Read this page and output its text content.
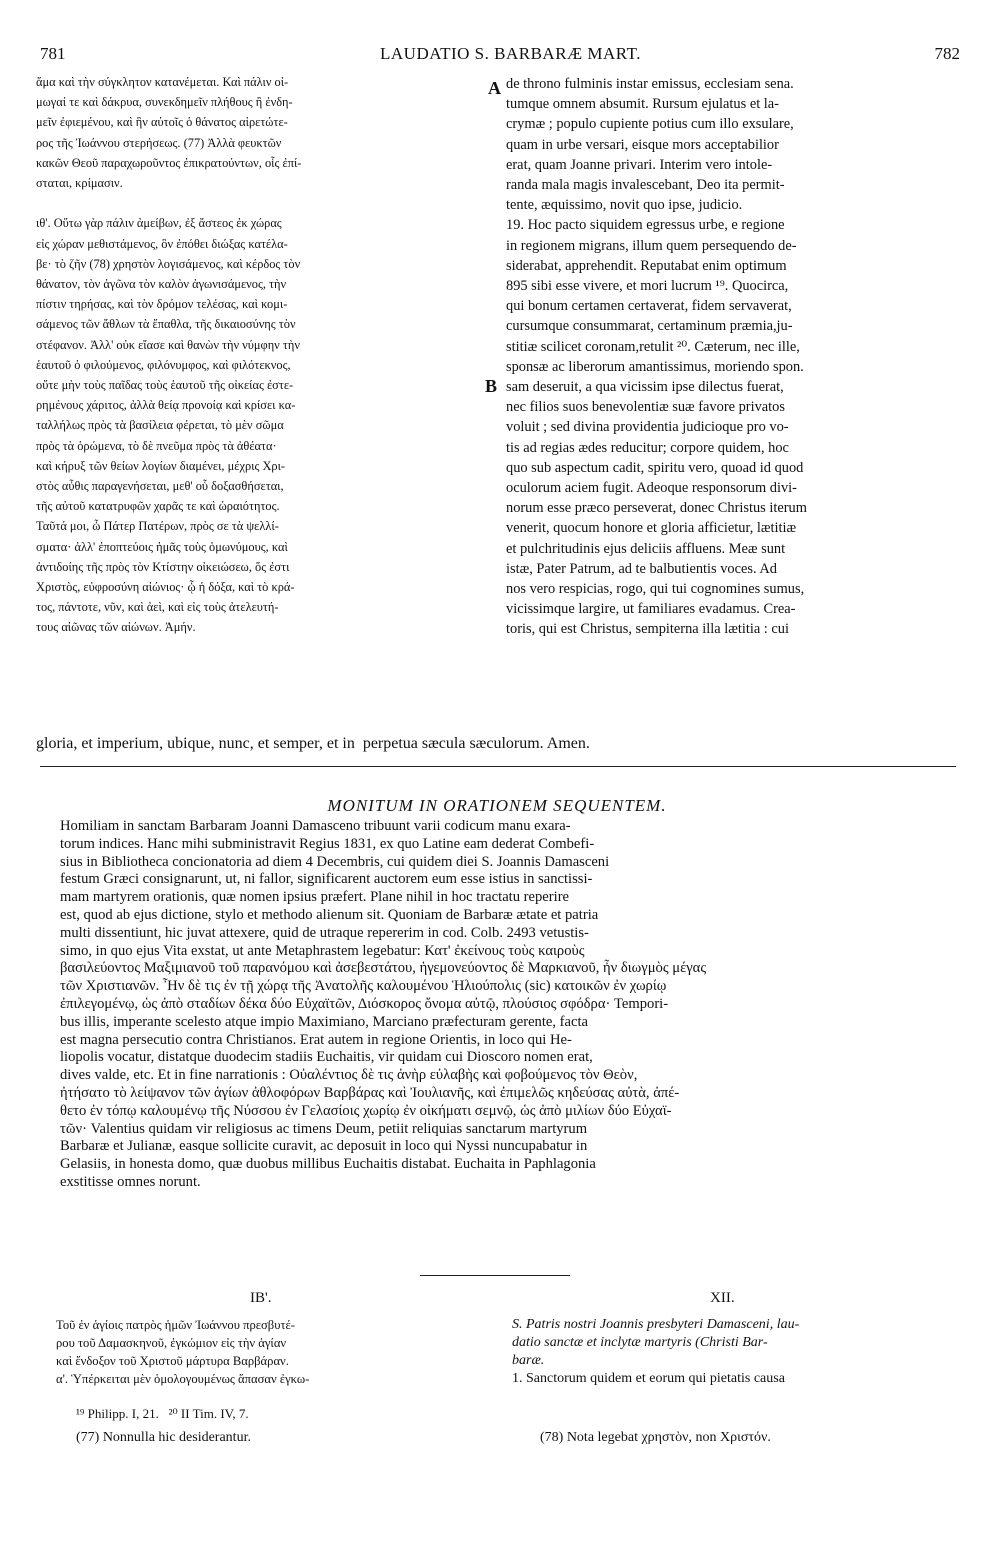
781	LAUDATIO S. BARBARÆ MART.	782
ἅμα καὶ τὴν σύγκλητον κατανέμεται. Καὶ πάλιν οἰ-
μωγαί τε καὶ δάκρυα, συνεκδημεῖν πλήθους ἢ ἐνδη-
μεῖν ἐφιεμένου, καὶ ἣν αὐτοῖς ὁ θάνατος αἱρετώτε-
ρος τῆς Ἰωάννου στερήσεως. (77) Ἀλλὰ φευκτῶν
κακῶν Θεοῦ παραχωροῦντος ἐπικρατούντων, οἷς ἐπί-
σταται, κρίμασιν.

ιθ'. Οὕτω γὰρ πάλιν ἀμείβων, ἐξ ἄστεος ἐκ χώρας
εἰς χώραν μεθιστάμενος, ὃν ἐπόθει διώξας κατέλα-
βε· τὸ ζῆν (78) χρηστὸν λογισάμενος, καὶ κέρδος τὸν
θάνατον, τὸν ἀγῶνα τὸν καλὸν ἀγωνισάμενος, τὴν
πίστιν τηρήσας, καὶ τὸν δρόμον τελέσας, καὶ κομι-
σάμενος τῶν ἄθλων τὰ ἔπαθλα, τῆς δικαιοσύνης τὸν
στέφανον. Ἀλλ' οὐκ εἴασε καὶ θανὼν τὴν νύμφην τὴν
ἑαυτοῦ ὁ φιλούμενος, φιλόνυμφος, καὶ φιλότεκνος,
οὔτε μὴν τοὺς παῖδας τοὺς ἑαυτοῦ τῆς οἰκείας ἐστε-
ρημένους χάριτος, ἀλλὰ θείᾳ προνοίᾳ καὶ κρίσει κα-
ταλλήλως πρὸς τὰ βασίλεια φέρεται, τὸ μὲν σῶμα
πρὸς τὰ ὁρώμενα, τὸ δὲ πνεῦμα πρὸς τὰ ἀθέατα·
καὶ κήρυξ τῶν θείων λογίων διαμένει, μέχρις Χρι-
στὸς αὖθις παραγενήσεται, μεθ' οὗ δοξασθήσεται,
τῆς αὐτοῦ κατατρυφῶν χαρᾶς τε καὶ ὡραιότητος.
Ταῦτά μοι, ὦ Πάτερ Πατέρων, πρὸς σε τὰ ψελλί-
σματα· ἀλλ' ἐποπτεύοις ἡμᾶς τοὺς ὁμωνύμους, καὶ
ἀντιδοίης τῆς πρὸς τὸν Κτίστην οἰκειώσεω, ὅς ἐστι
Χριστὸς, εὐφροσύνη αἰώνιος· ᾧ ἡ δόξα, καὶ τὸ κρά-
τος, πάντοτε, νῦν, καὶ ἀεὶ, καὶ εἰς τοὺς ἀτελευτή-
τους αἰῶνας τῶν αἰώνων. Ἀμήν.
de throno fulminis instar emissus, ecclesiam sena.
tumque omnem absumit. Rursum ejulatus et la-
crymæ ; populo cupiente potius cum illo exsulare,
quam in urbe versari, eisque mors acceptabilior
erat, quam Joanne privari. Interim vero intole-
randa mala magis invalescebant, Deo ita permit-
tente, æquissimo, novit quo ipse, judicio.
19. Hoc pacto siquidem egressus urbe, e regione
in regionem migrans, illum quem persequendo de-
siderabat, apprehendit. Reputabat enim optimum
895 sibi esse vivere, et mori lucrum ¹⁹. Quocirca,
qui bonum certamen certaverat, fidem servaverat,
cursumque consummarat, certaminum præmia,ju-
stitiæ scilicet coronam,retulit ²⁰. Cæterum, nec ille,
sponsæ ac liberorum amantissimus, moriendo spon.
sam deseruit, a qua vicissim ipse dilectus fuerat,
nec filios suos benevolentiæ suæ favore privatos
voluit ; sed divina providentia judicioque pro vo-
tis ad regias ædes reducitur; corpore quidem, hoc
quo sub aspectum cadit, spiritu vero, quoad id quod
oculorum aciem fugit. Adeoque responsorum divi-
norum esse præco perseverat, donec Christus iterum
venerit, quocum honore et gloria afficietur, lætitiæ
et pulchritudinis ejus deliciis affluens. Meæ sunt
istæ, Pater Patrum, ad te balbutientis voces. Ad
nos vero respicias, rogo, qui tui cognomines sumus,
vicissimque largire, ut familiares evadamus. Crea-
toris, qui est Christus, sempiterna illa lætitia : cui
A
B
gloria, et imperium, ubique, nunc, et semper, et in  perpetua sæcula sæculorum. Amen.
MONITUM IN ORATIONEM SEQUENTEM.
Homiliam in sanctam Barbaram Joanni Damasceno tribuunt varii codicum manu exara-
torum indices. Hanc mihi subministravit Regius 1831, ex quo Latine eam dederat Combefi-
sius in Bibliotheca concionatoria ad diem 4 Decembris, cui quidem diei S. Joannis Damasceni
festum Græci consignarunt, ut, ni fallor, significarent auctorem eum esse istius in sanctissi-
mam martyrem orationis, quæ nomen ipsius præfert. Plane nihil in hoc tractatu reperire
est, quod ab ejus dictione, stylo et methodo alienum sit. Quoniam de Barbaræ ætate et patria
multi dissentiunt, hic juvat attexere, quid de utraque repererim in cod. Colb. 2493 vetustis-
simo, in quo ejus Vita exstat, ut ante Metaphrastem legebatur: Κατ' ἐκείνους τοὺς καιροὺς
βασιλεύοντος Μαξιμιανοῦ τοῦ παρανόμου καὶ ἀσεβεστάτου, ἡγεμονεύοντος δὲ Μαρκιανοῦ, ἦν διωγμὸς μέγας
τῶν Χριστιανῶν. Ἦν δὲ τις ἐν τῇ χώρᾳ τῆς Ἀνατολῆς καλουμένου Ἡλιούπολις (sic) κατοικῶν ἐν χωρίῳ
ἐπιλεγομένῳ, ὡς ἀπὸ σταδίων δέκα δύο Εὐχαϊτῶν, Διόσκορος ὄνομα αὐτῷ, πλούσιος σφόδρα· Tempori-
bus illis, imperante scelesto atque impio Maximiano, Marciano præfecturam gerente, facta
est magna persecutio contra Christianos. Erat autem in regione Orientis, in loco qui He-
liopolis vocatur, distatque duodecim stadiis Euchaitis, vir quidam cui Dioscoro nomen erat,
dives valde, etc. Et in fine narrationis : Οὐαλέντιος δὲ τις ἀνὴρ εὐλαβὴς καὶ φοβούμενος τὸν Θεὸν,
ἠτήσατο τὸ λείψανον τῶν ἁγίων ἀθλοφόρων Βαρβάρας καὶ Ἰουλιανῆς, καὶ ἐπιμελῶς κηδεύσας αὐτὰ, ἀπέ-
θετο ἐν τόπῳ καλουμένῳ τῆς Νύσσου ἐν Γελασίοις χωρίῳ ἐν οἰκήματι σεμνῷ, ὡς ἀπὸ μιλίων δύο Εὐχαϊ-
τῶν· Valentius quidam vir religiosus ac timens Deum, petiit reliquias sanctarum martyrum
Barbaræ et Julianæ, easque sollicite curavit, ac deposuit in loco qui Nyssi nuncupabatur in
Gelasiis, in honesta domo, quæ duobus millibus Euchaitis distabat. Euchaita in Paphlagonia
exstitisse omnes norunt.
ΙΒ'.	XII.
Τοῦ ἐν ἁγίοις πατρὸς ἡμῶν Ἰωάννου πρεσβυτέ-
ρου τοῦ Δαμασκηνοῦ, ἐγκώμιον εἰς τὴν ἁγίαν
καὶ ἔνδοξον τοῦ Χριστοῦ μάρτυρα Βαρβάραν.
α'. Ὑπέρκειται μὲν ὁμολογουμένως ἅπασαν ἐγκω-
S. Patris nostri Joannis presbyteri Damasceni, lau-
datio sanctæ et inclytæ martyris (Christi Bar-
baræ.
1. Sanctorum quidem et eorum qui pietatis causa
¹⁹ Philipp. I, 21.   ²⁰ II Tim. IV, 7.
(77) Nonnulla hic desiderantur.	(78) Nota legebat χρηστὸν, non Χριστόν.
